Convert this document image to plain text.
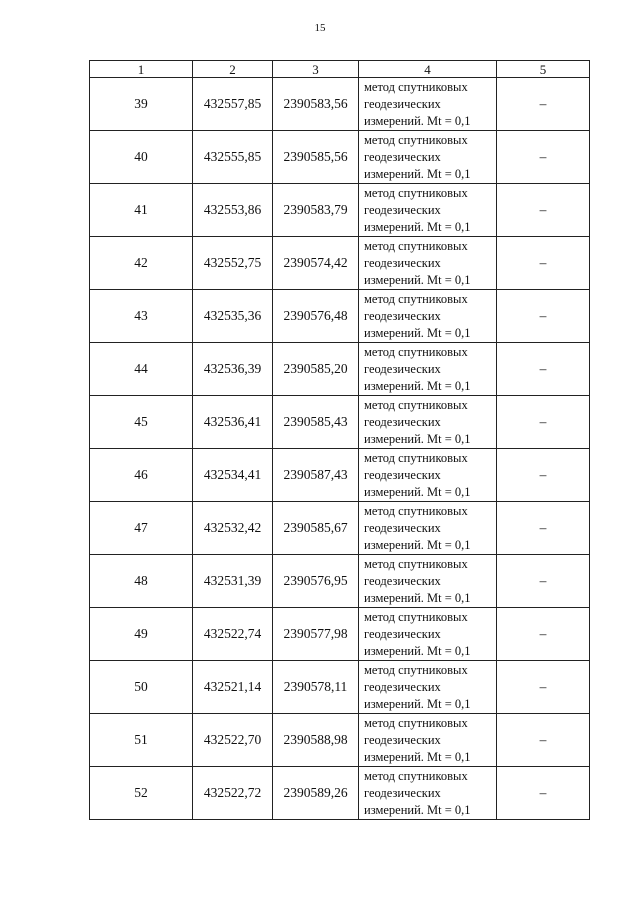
15
1	2	3	4	5
39	432557,85	2390583,56	метод спутниковых
геодезических
измерений. Mt = 0,1	–
40	432555,85	2390585,56	метод спутниковых
геодезических
измерений. Mt = 0,1	–
41	432553,86	2390583,79	метод спутниковых
геодезических
измерений. Mt = 0,1	–
42	432552,75	2390574,42	метод спутниковых
геодезических
измерений. Mt = 0,1	–
43	432535,36	2390576,48	метод спутниковых
геодезических
измерений. Mt = 0,1	–
44	432536,39	2390585,20	метод спутниковых
геодезических
измерений. Mt = 0,1	–
45	432536,41	2390585,43	метод спутниковых
геодезических
измерений. Mt = 0,1	–
46	432534,41	2390587,43	метод спутниковых
геодезических
измерений. Mt = 0,1	–
47	432532,42	2390585,67	метод спутниковых
геодезических
измерений. Mt = 0,1	–
48	432531,39	2390576,95	метод спутниковых
геодезических
измерений. Mt = 0,1	–
49	432522,74	2390577,98	метод спутниковых
геодезических
измерений. Mt = 0,1	–
50	432521,14	2390578,11	метод спутниковых
геодезических
измерений. Mt = 0,1	–
51	432522,70	2390588,98	метод спутниковых
геодезических
измерений. Mt = 0,1	–
52	432522,72	2390589,26	метод спутниковых
геодезических
измерений. Mt = 0,1	–
